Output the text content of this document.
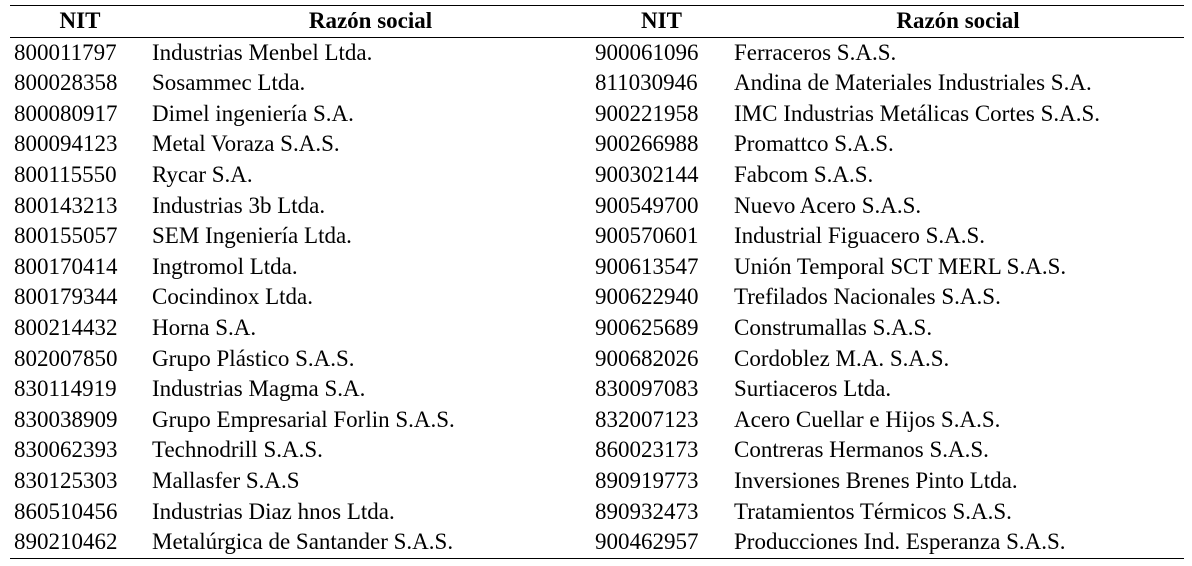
NIT	Razón social	NIT	Razón social
800011797	Industrias Menbel Ltda.	900061096	Ferraceros S.A.S.
800028358	Sosammec Ltda.	811030946	Andina de Materiales Industriales S.A.
800080917	Dimel ingeniería S.A.	900221958	IMC Industrias Metálicas Cortes S.A.S.
800094123	Metal Voraza S.A.S.	900266988	Promattco S.A.S.
800115550	Rycar S.A.	900302144	Fabcom S.A.S.
800143213	Industrias 3b Ltda.	900549700	Nuevo Acero S.A.S.
800155057	SEM Ingeniería Ltda.	900570601	Industrial Figuacero S.A.S.
800170414	Ingtromol Ltda.	900613547	Unión Temporal SCT MERL S.A.S.
800179344	Cocindinox Ltda.	900622940	Trefilados Nacionales S.A.S.
800214432	Horna S.A.	900625689	Construmallas S.A.S.
802007850	Grupo Plástico S.A.S.	900682026	Cordoblez M.A. S.A.S.
830114919	Industrias Magma S.A.	830097083	Surtiaceros Ltda.
830038909	Grupo Empresarial Forlin S.A.S.	832007123	Acero Cuellar e Hijos S.A.S.
830062393	Technodrill S.A.S.	860023173	Contreras Hermanos S.A.S.
830125303	Mallasfer S.A.S	890919773	Inversiones Brenes Pinto Ltda.
860510456	Industrias Diaz hnos Ltda.	890932473	Tratamientos Térmicos S.A.S.
890210462	Metalúrgica de Santander S.A.S.	900462957	Producciones Ind. Esperanza S.A.S.
